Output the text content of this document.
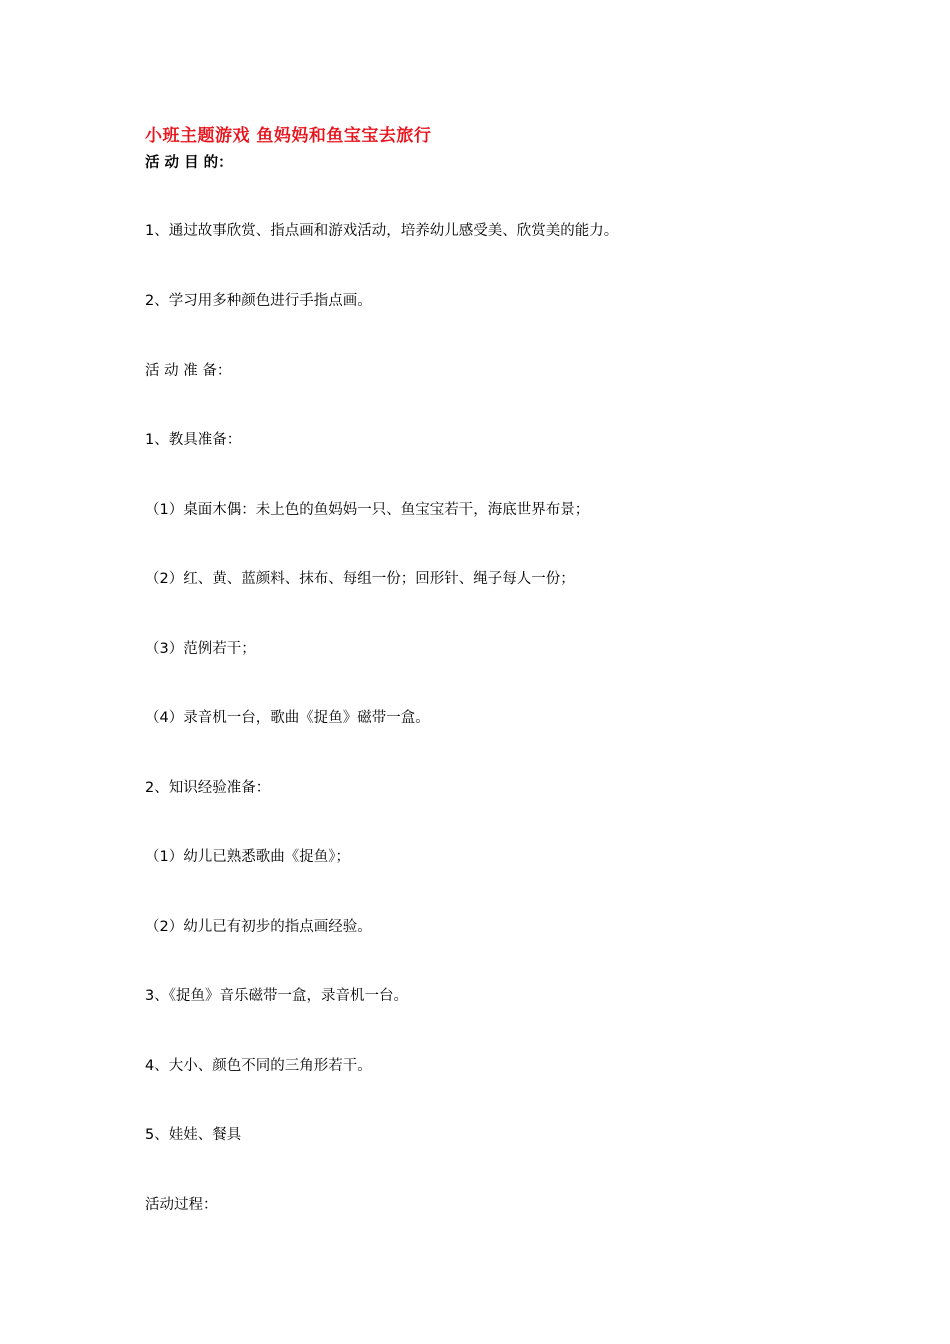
小班主题游戏 鱼妈妈和鱼宝宝去旅行
活 动 目 的：
1、通过故事欣赏、指点画和游戏活动，培养幼儿感受美、欣赏美的能力。
2、学习用多种颜色进行手指点画。
活 动 准 备：
1、教具准备：
（1）桌面木偶：未上色的鱼妈妈一只、鱼宝宝若干，海底世界布景；
（2）红、黄、蓝颜料、抹布、每组一份；回形针、绳子每人一份；
（3）范例若干；
（4）录音机一台，歌曲《捉鱼》磁带一盒。
2、知识经验准备：
（1）幼儿已熟悉歌曲《捉鱼》；
（2）幼儿已有初步的指点画经验。
3、《捉鱼》音乐磁带一盒，录音机一台。
4、大小、颜色不同的三角形若干。
5、娃娃、餐具
活动过程：
